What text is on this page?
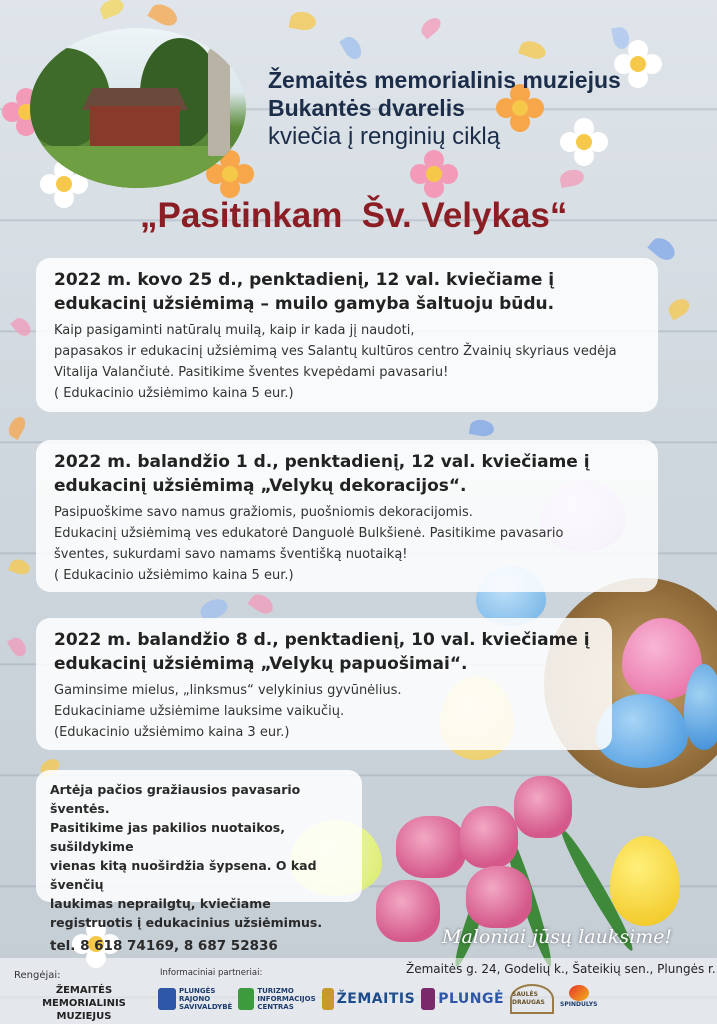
Žemaitės memorialinis muziejus
Bukantės dvarelis
kviečia į renginių ciklą
„Pasitinkam  Šv. Velykas“
2022 m. kovo 25 d., penktadienį, 12 val. kviečiame į
edukacinį užsiėmimą – muilo gamyba šaltuoju būdu.
Kaip pasigaminti natūralų muilą, kaip ir kada jį naudoti,
papasakos ir edukacinį užsiėmimą ves Salantų kultūros centro Žvainių skyriaus vedėja
Vitalija Valančiutė. Pasitikime šventes kvepėdami pavasariu!
( Edukacinio užsiėmimo kaina 5 eur.)
2022 m. balandžio 1 d., penktadienį, 12 val. kviečiame į
edukacinį užsiėmimą „Velykų dekoracijos“.
Pasipuoškime savo namus gražiomis, puošniomis dekoracijomis.
Edukacinį užsiėmimą ves edukatorė Danguolė Bulkšienė. Pasitikime pavasario
šventes, sukurdami savo namams šventišką nuotaiką!
( Edukacinio užsiėmimo kaina 5 eur.)
2022 m. balandžio 8 d., penktadienį, 10 val. kviečiame į
edukacinį užsiėmimą „Velykų papuošimai“.
Gaminsime mielus, „linksmus“ velykinius gyvūnėlius.
Edukaciniame užsiėmime lauksime vaikučių.
(Edukacinio užsiėmimo kaina 3 eur.)
Artėja pačios gražiausios pavasario šventės.
Pasitikime jas pakilios nuotaikos, sušildykime
vienas kitą nuoširdžia šypsena. O kad švenčių
laukimas neprailgtų, kviečiame
registruotis į edukacinius užsiėmimus.
tel. 8 618 74169, 8 687 52836	Maloniai jūsų lauksime!
Rengėjai:
ŽEMAITĖS MEMORIALINIS
MUZIEJUS
Informaciniai partneriai:	Žemaitės g. 24, Godelių k., Šateikių sen., Plungės r.
PLUNGĖS
RAJONO
SAVIVALDYBĖ
TURIZMO
INFORMACIJOS
CENTRAS	ŽEMAITIS PLUNGĖ SAULĖS DRAUGAS	SPINDULYS
